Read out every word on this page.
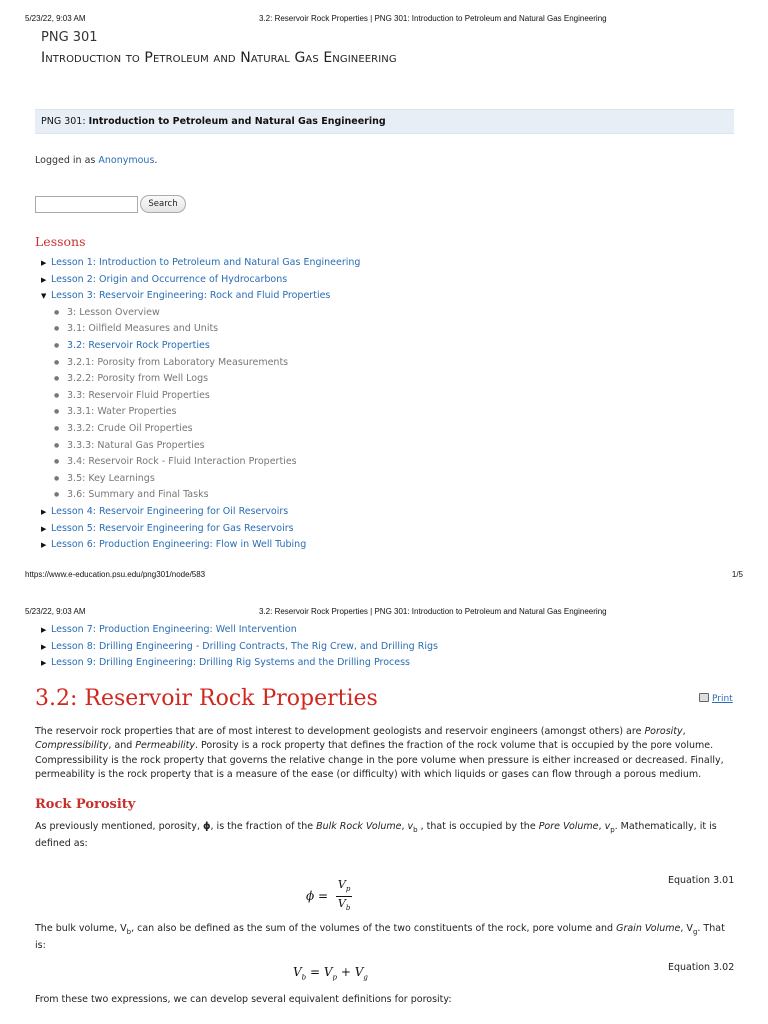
5/23/22, 9:03 AM	3.2: Reservoir Rock Properties | PNG 301: Introduction to Petroleum and Natural Gas Engineering
PNG 301
Introduction to Petroleum and Natural Gas Engineering
PNG 301: Introduction to Petroleum and Natural Gas Engineering
Logged in as Anonymous.
Search
Lessons
▶ Lesson 1: Introduction to Petroleum and Natural Gas Engineering
▶ Lesson 2: Origin and Occurrence of Hydrocarbons
▼ Lesson 3: Reservoir Engineering: Rock and Fluid Properties
● 3: Lesson Overview
● 3.1: Oilfield Measures and Units
● 3.2: Reservoir Rock Properties
● 3.2.1: Porosity from Laboratory Measurements
● 3.2.2: Porosity from Well Logs
● 3.3: Reservoir Fluid Properties
● 3.3.1: Water Properties
● 3.3.2: Crude Oil Properties
● 3.3.3: Natural Gas Properties
● 3.4: Reservoir Rock - Fluid Interaction Properties
● 3.5: Key Learnings
● 3.6: Summary and Final Tasks
▶ Lesson 4: Reservoir Engineering for Oil Reservoirs
▶ Lesson 5: Reservoir Engineering for Gas Reservoirs
▶ Lesson 6: Production Engineering: Flow in Well Tubing
https://www.e-education.psu.edu/png301/node/583	1/5
5/23/22, 9:03 AM	3.2: Reservoir Rock Properties | PNG 301: Introduction to Petroleum and Natural Gas Engineering
▶ Lesson 7: Production Engineering: Well Intervention
▶ Lesson 8: Drilling Engineering - Drilling Contracts, The Rig Crew, and Drilling Rigs
▶ Lesson 9: Drilling Engineering: Drilling Rig Systems and the Drilling Process
3.2: Reservoir Rock Properties	Print

The reservoir rock properties that are of most interest to development geologists and reservoir engineers (amongst others) are Porosity, Compressibility, and Permeability. Porosity is a rock property that defines the fraction of the rock volume that is occupied by the pore volume. Compressibility is the rock property that governs the relative change in the pore volume when pressure is either increased or decreased. Finally, permeability is the rock property that is a measure of the ease (or difficulty) with which liquids or gases can flow through a porous medium.

Rock Porosity

As previously mentioned, porosity, ϕ, is the fraction of the Bulk Rock Volume, $v_b$ , that is occupied by the Pore Volume, $v_p$. Mathematically, it is defined as:

$\phi = \frac{V_p}{V_b}$	Equation 3.01

The bulk volume, $V_b$, can also be defined as the sum of the volumes of the two constituents of the rock, pore volume and Grain Volume, $V_g$. That is:

$V_b = V_p + V_g$
Equation 3.02

From these two expressions, we can develop several equivalent definitions for porosity:
